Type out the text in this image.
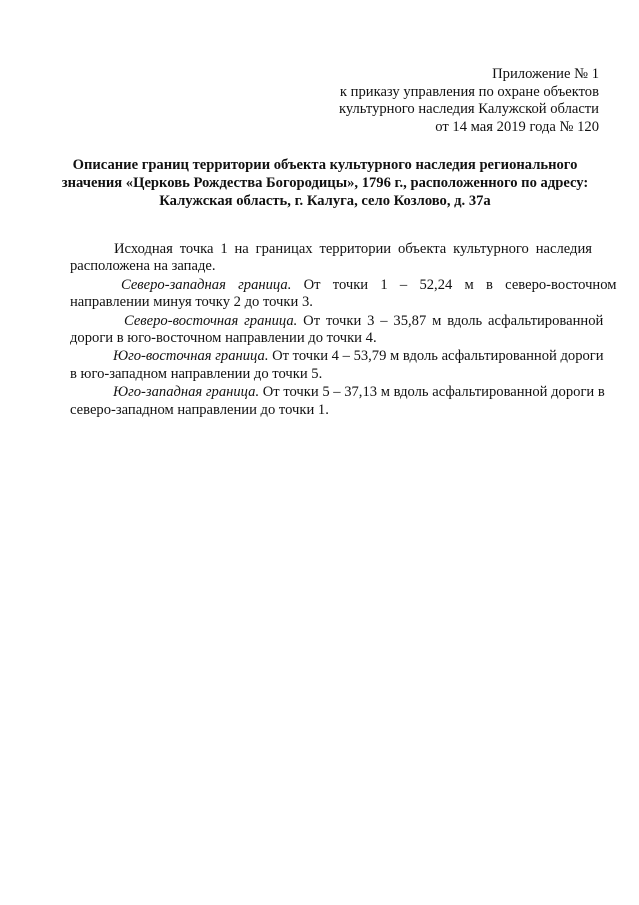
Приложение № 1
к приказу управления по охране объектов
культурного наследия Калужской области
от 14 мая 2019 года № 120
Описание границ территории объекта культурного наследия регионального
значения «Церковь Рождества Богородицы», 1796 г., расположенного по адресу:
Калужская область, г. Калуга, село Козлово, д. 37а
Исходная точка 1 на границах территории объекта культурного наследия
расположена на западе.
Северо-западная граница. От точки 1 – 52,24 м в северо-восточном
направлении минуя точку 2 до точки 3.
Северо-восточная граница. От точки 3 – 35,87 м вдоль асфальтированной
дороги в юго-восточном направлении до точки 4.
Юго-восточная граница. От точки 4 – 53,79 м вдоль асфальтированной дороги
в юго-западном направлении до точки 5.
Юго-западная граница. От точки 5 – 37,13 м вдоль асфальтированной дороги в
северо-западном направлении до точки 1.
